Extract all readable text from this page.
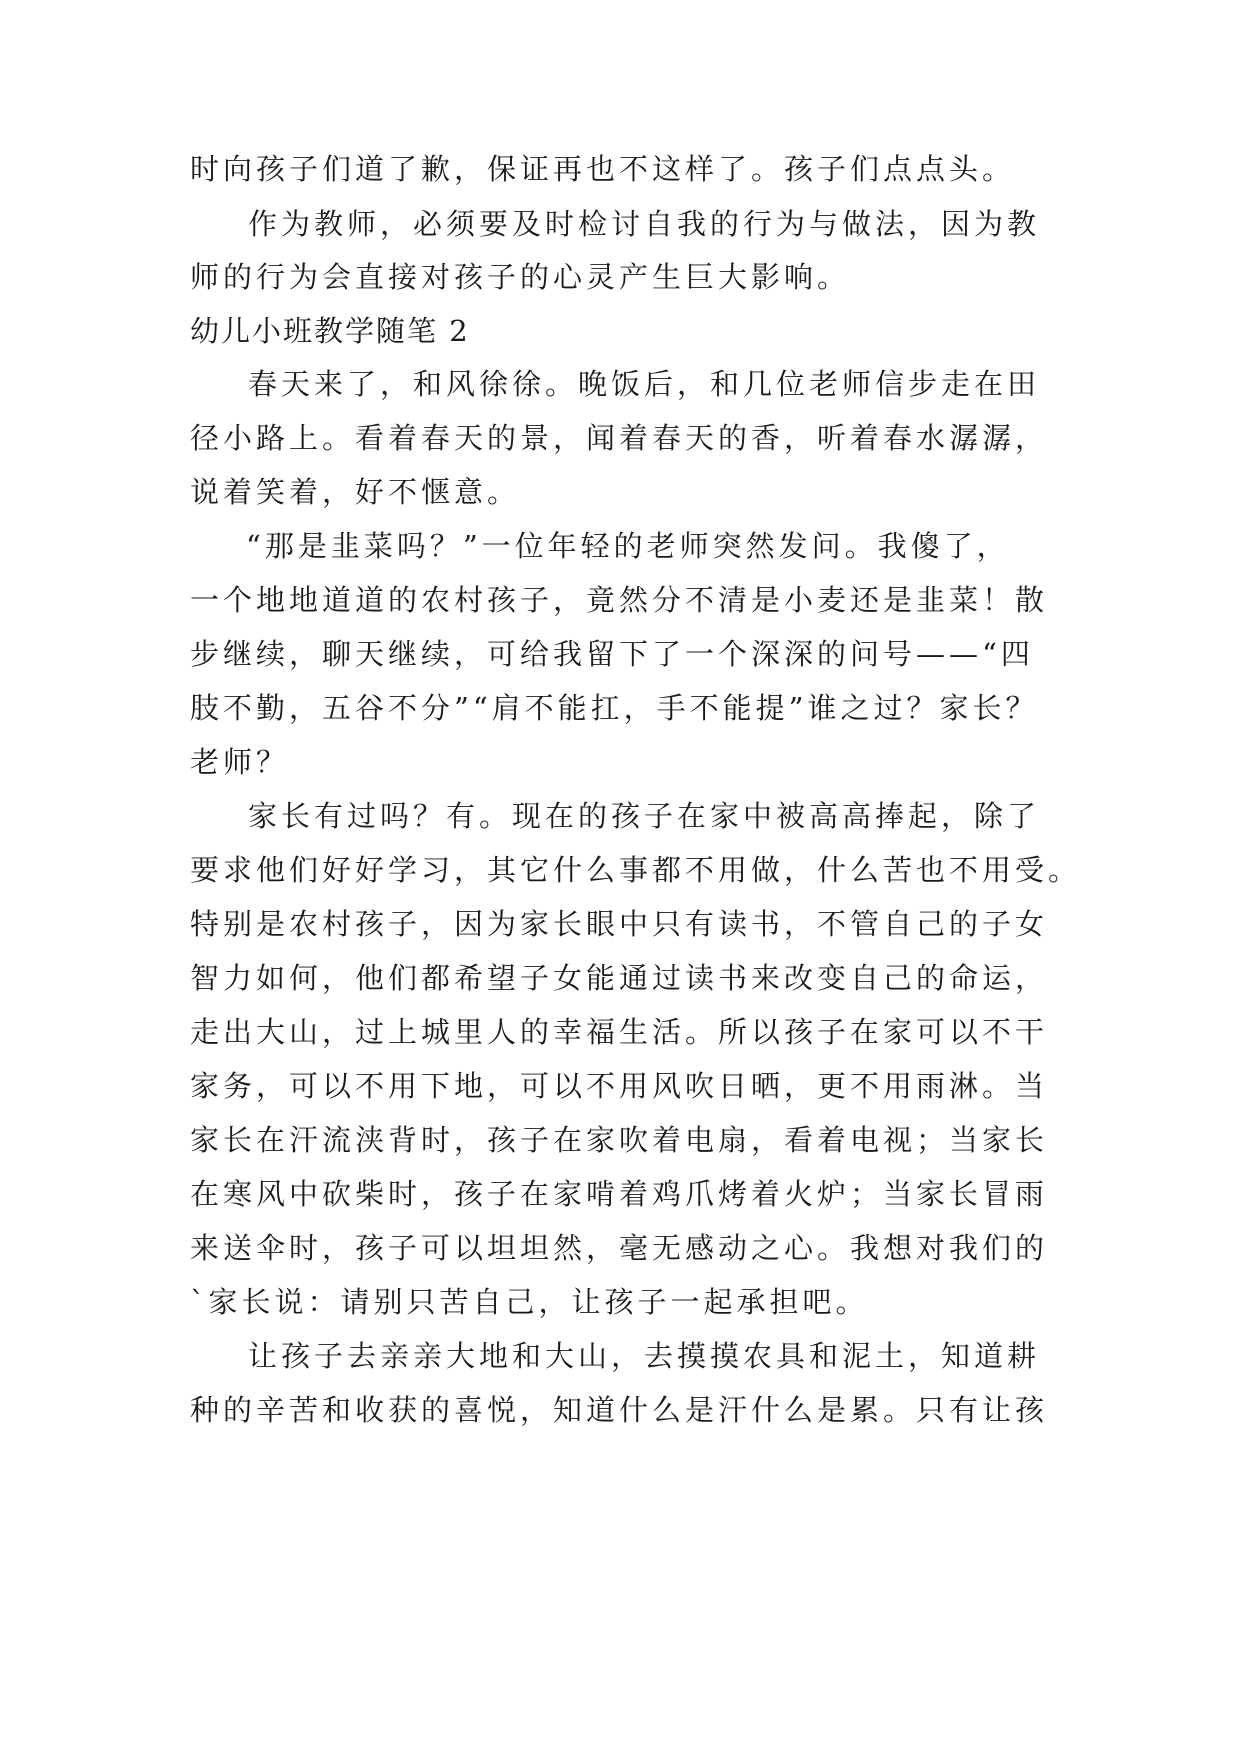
时向孩子们道了歉，保证再也不这样了。孩子们点点头。

作为教师，必须要及时检讨自我的行为与做法，因为教

师的行为会直接对孩子的心灵产生巨大影响。

幼儿小班教学随笔 2

春天来了，和风徐徐。晚饭后，和几位老师信步走在田

径小路上。看着春天的景，闻着春天的香，听着春水潺潺，

说着笑着，好不惬意。

“那是韭菜吗？”一位年轻的老师突然发问。我傻了，

一个地地道道的农村孩子，竟然分不清是小麦还是韭菜！散

步继续，聊天继续，可给我留下了一个深深的问号——“四

肢不勤，五谷不分”“肩不能扛，手不能提”谁之过？家长？

老师？

家长有过吗？有。现在的孩子在家中被高高捧起，除了

要求他们好好学习，其它什么事都不用做，什么苦也不用受。

特别是农村孩子，因为家长眼中只有读书，不管自己的子女

智力如何，他们都希望子女能通过读书来改变自己的命运，

走出大山，过上城里人的幸福生活。所以孩子在家可以不干

家务，可以不用下地，可以不用风吹日晒，更不用雨淋。当

家长在汗流浃背时，孩子在家吹着电扇，看着电视；当家长

在寒风中砍柴时，孩子在家啃着鸡爪烤着火炉；当家长冒雨

来送伞时，孩子可以坦坦然，毫无感动之心。我想对我们的

`家长说：请别只苦自己，让孩子一起承担吧。

让孩子去亲亲大地和大山，去摸摸农具和泥土，知道耕

种的辛苦和收获的喜悦，知道什么是汗什么是累。只有让孩
